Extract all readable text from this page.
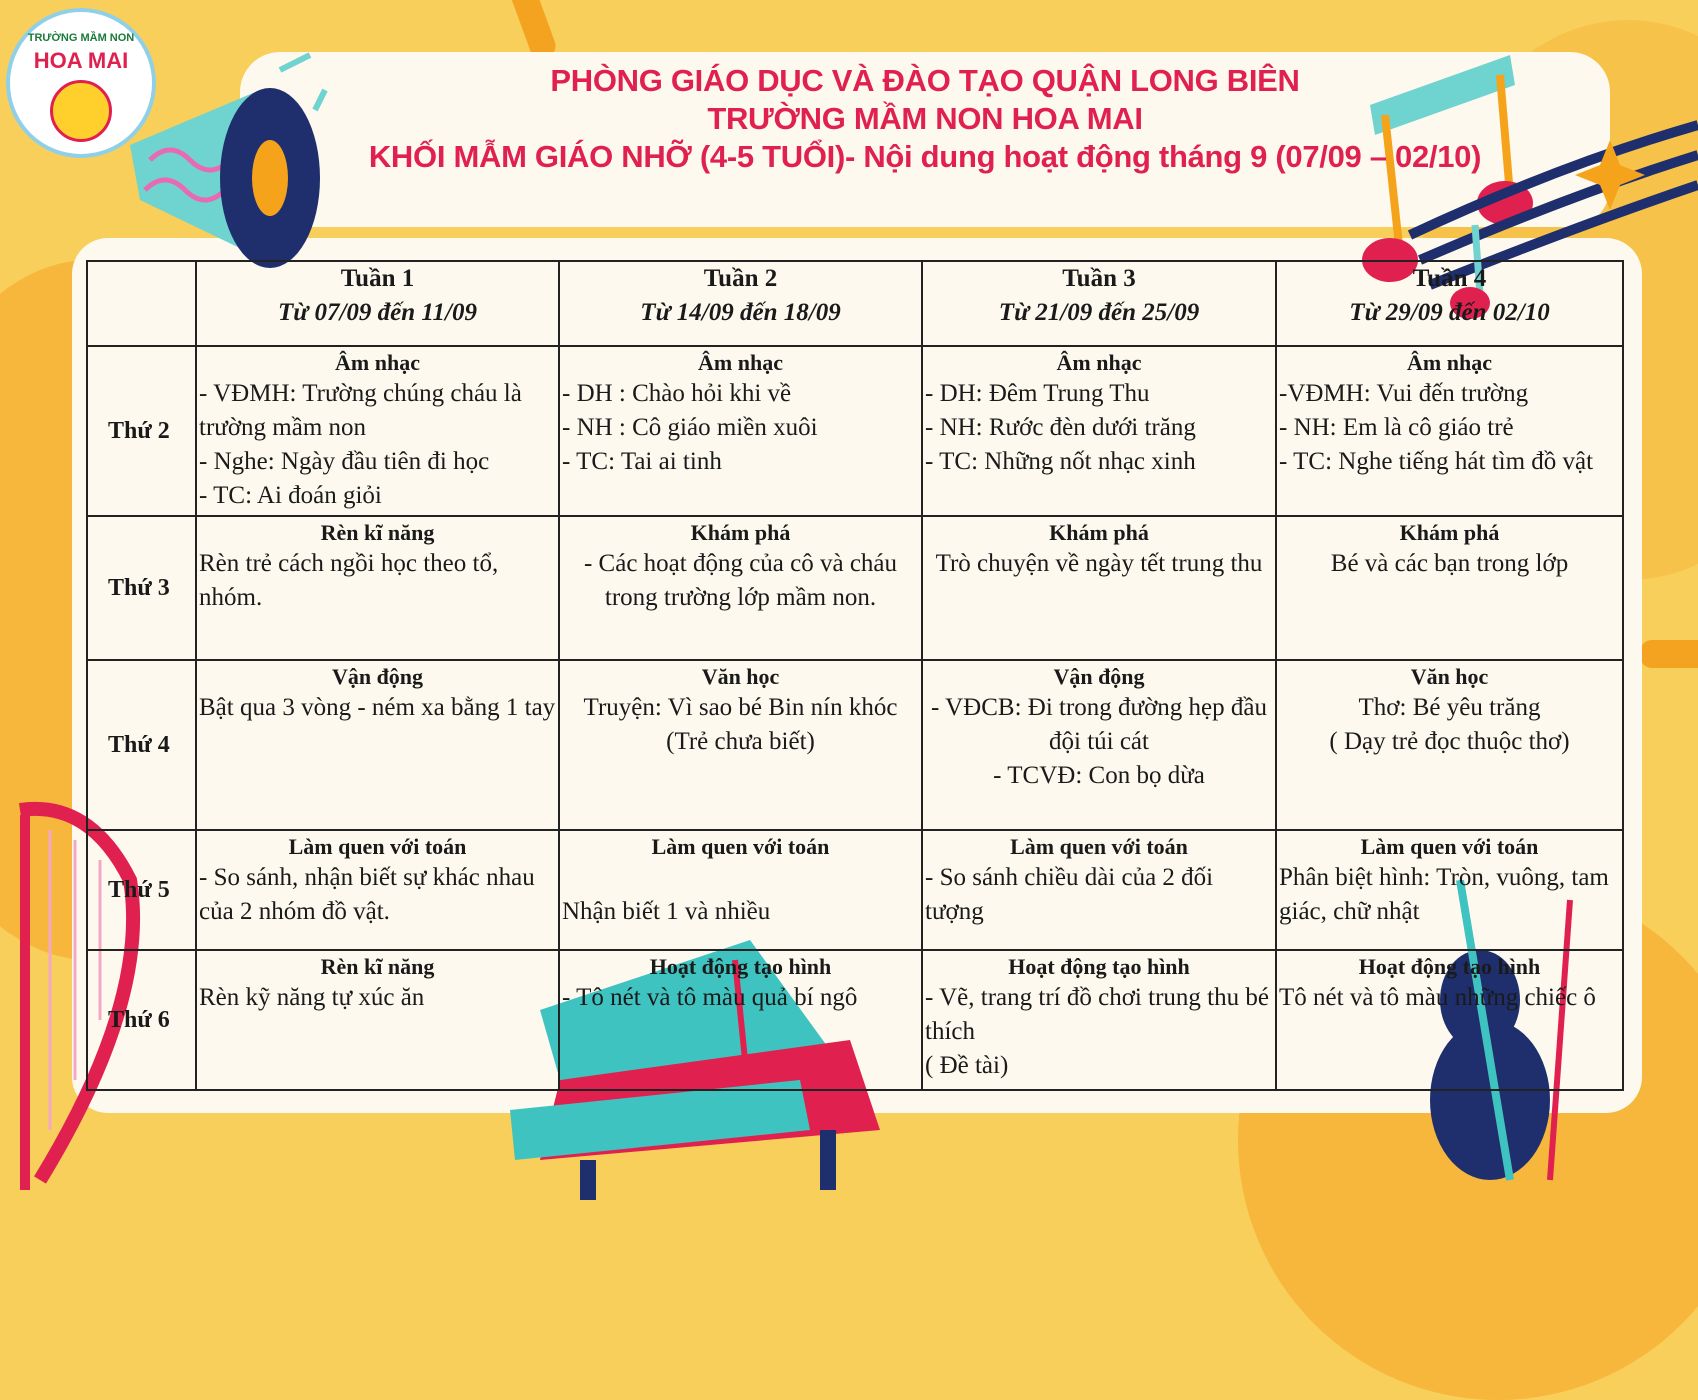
TRƯỜNG MẦM NON
HOA MAI
PHÒNG GIÁO DỤC VÀ ĐÀO TẠO QUẬN LONG BIÊN
TRƯỜNG MẦM NON HOA MAI
KHỐI MẪM GIÁO NHỠ (4-5 TUỔI)- Nội dung hoạt động tháng 9 (07/09 – 02/10)

	Tuần 1
Từ 07/09 đến 11/09	Tuần 2
Từ 14/09 đến 18/09	Tuần 3
Từ 21/09 đến 25/09	Tuần 4
Từ 29/09 đến 02/10

Thứ 2	Âm nhạc
- VĐMH: Trường chúng cháu là trường mầm non
- Nghe: Ngày đầu tiên đi học
- TC: Ai đoán giỏi	Âm nhạc
- DH : Chào hỏi khi về
- NH : Cô giáo miền xuôi
- TC: Tai ai tinh	Âm nhạc
- DH: Đêm Trung Thu
- NH: Rước đèn dưới trăng
- TC: Những nốt nhạc xinh	Âm nhạc
-VĐMH: Vui đến trường
- NH: Em là cô giáo trẻ
- TC: Nghe tiếng hát tìm đồ vật

Thứ 3	Rèn kĩ năng
Rèn trẻ cách ngồi học theo tổ, nhóm.	Khám phá
- Các hoạt động của cô và cháu trong trường lớp mầm non.	Khám phá
Trò chuyện về ngày tết trung thu	Khám phá
Bé và các bạn trong lớp

Thứ 4	Vận động
Bật qua 3 vòng - ném xa bằng 1 tay	Văn học
Truyện: Vì sao bé Bin nín khóc
(Trẻ chưa biết)	Vận động
- VĐCB: Đi trong đường hẹp đầu đội túi cát
- TCVĐ: Con bọ dừa	Văn học
Thơ: Bé yêu trăng
( Dạy trẻ đọc thuộc thơ)

Thứ 5	Làm quen với toán
- So sánh, nhận biết sự khác nhau của 2 nhóm đồ vật.	Làm quen với toán
Nhận biết 1 và nhiều	Làm quen với toán
- So sánh chiều dài của 2 đối tượng	Làm quen với toán
Phân biệt hình: Tròn, vuông, tam giác, chữ nhật

Thứ 6	Rèn kĩ năng
Rèn kỹ năng tự xúc ăn	Hoạt động tạo hình
- Tô nét và tô màu quả bí ngô	Hoạt động tạo hình
- Vẽ, trang trí đồ chơi trung thu bé thích
( Đề tài)	Hoạt động tạo hình
Tô nét và tô màu những chiếc ô
